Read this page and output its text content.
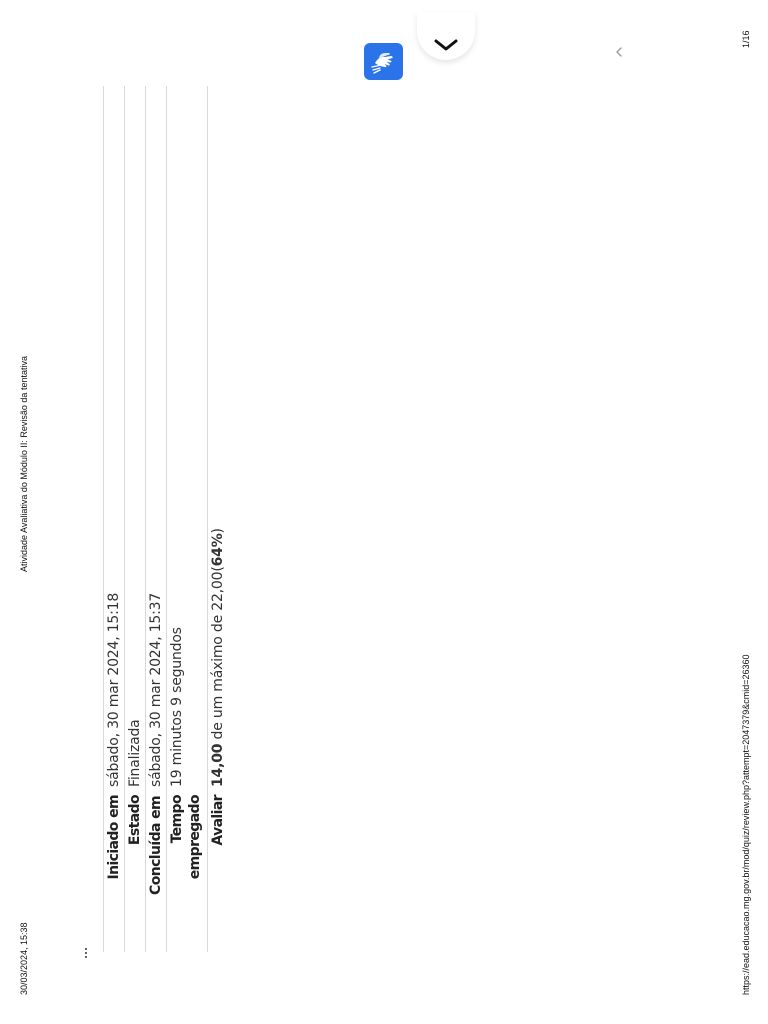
30/03/2024, 15:38
Atividade Avaliativa do Módulo II: Revisão da tentativa
https://ead.educacao.mg.gov.br/mod/quiz/review.php?attempt=2047379&cmid=26360
1/16
Iniciado em
sábado, 30 mar 2024, 15:18
Estado
Finalizada
Concluída em
sábado, 30 mar 2024, 15:37
Tempo empregado
19 minutos 9 segundos
Avaliar
14,00 de um máximo de 22,00(64%)
